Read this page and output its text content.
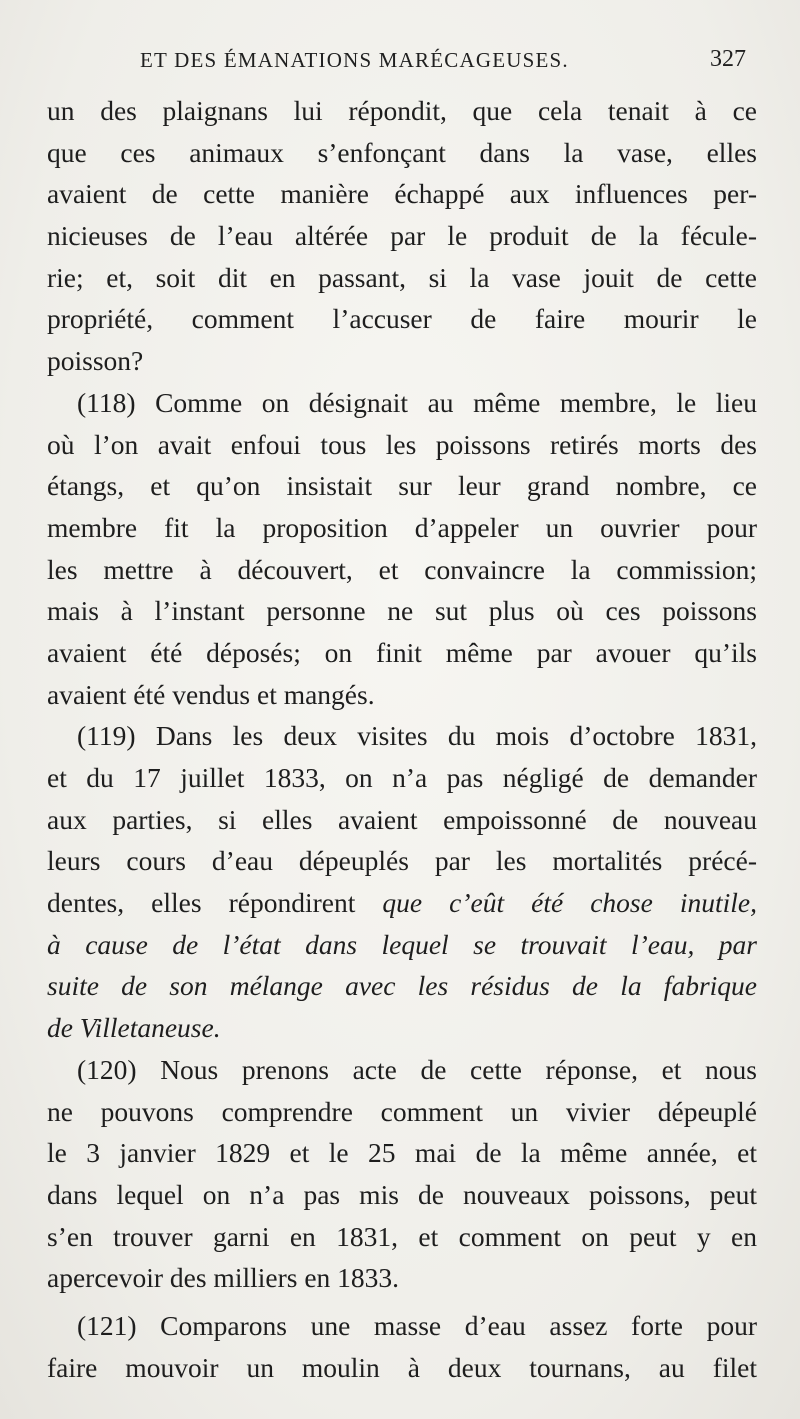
ET DES ÉMANATIONS MARÉCAGEUSES.	327
un des plaignans lui répondit, que cela tenait à ce
que ces animaux s’enfonçant dans la vase, elles
avaient de cette manière échappé aux influences per-
nicieuses de l’eau altérée par le produit de la fécule-
rie; et, soit dit en passant, si la vase jouit de cette
propriété, comment l’accuser de faire mourir le
poisson?
(118) Comme on désignait au même membre, le lieu
où l’on avait enfoui tous les poissons retirés morts des
étangs, et qu’on insistait sur leur grand nombre, ce
membre fit la proposition d’appeler un ouvrier pour
les mettre à découvert, et convaincre la commission;
mais à l’instant personne ne sut plus où ces poissons
avaient été déposés; on finit même par avouer qu’ils
avaient été vendus et mangés.
(119) Dans les deux visites du mois d’octobre 1831,
et du 17 juillet 1833, on n’a pas négligé de demander
aux parties, si elles avaient empoissonné de nouveau
leurs cours d’eau dépeuplés par les mortalités précé-
dentes, elles répondirent que c’eût été chose inutile,
à cause de l’état dans lequel se trouvait l’eau, par
suite de son mélange avec les résidus de la fabrique
de Villetaneuse.
(120) Nous prenons acte de cette réponse, et nous
ne pouvons comprendre comment un vivier dépeuplé
le 3 janvier 1829 et le 25 mai de la même année, et
dans lequel on n’a pas mis de nouveaux poissons, peut
s’en trouver garni en 1831, et comment on peut y en
apercevoir des milliers en 1833.
(121) Comparons une masse d’eau assez forte pour
faire mouvoir un moulin à deux tournans, au filet
